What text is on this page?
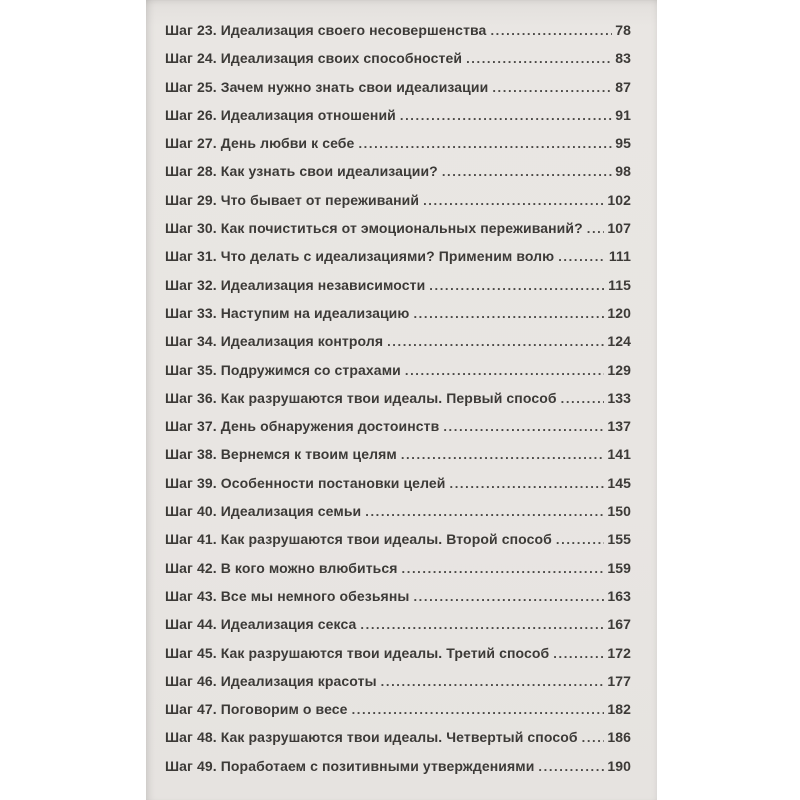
Шаг 23. Идеализация своего несовершенства .....	78
Шаг 24. Идеализация своих способностей .....	83
Шаг 25. Зачем нужно знать свои идеализации .....	87
Шаг 26. Идеализация отношений .....	91
Шаг 27. День любви к себе .....	95
Шаг 28. Как узнать свои идеализации? .....	98
Шаг 29. Что бывает от переживаний .....	102
Шаг 30. Как почиститься от эмоциональных переживаний? ..... 107
Шаг 31. Что делать с идеализациями? Применим волю .....	111
Шаг 32. Идеализация независимости .....	115
Шаг 33. Наступим на идеализацию .....	120
Шаг 34. Идеализация контроля .....	124
Шаг 35. Подружимся со страхами .....	129
Шаг 36. Как разрушаются твои идеалы. Первый способ .....	133
Шаг 37. День обнаружения достоинств .....	137
Шаг 38. Вернемся к твоим целям .....	141
Шаг 39. Особенности постановки целей .....	145
Шаг 40. Идеализация семьи .....	150
Шаг 41. Как разрушаются твои идеалы. Второй способ .....	155
Шаг 42. В кого можно влюбиться .....	159
Шаг 43. Все мы немного обезьяны .....	163
Шаг 44. Идеализация секса .....	167
Шаг 45. Как разрушаются твои идеалы. Третий способ .....	172
Шаг 46. Идеализация красоты .....	177
Шаг 47. Поговорим о весе .....	182
Шаг 48. Как разрушаются твои идеалы. Четвертый способ ..... 186
Шаг 49. Поработаем с позитивными утверждениями .....	190
